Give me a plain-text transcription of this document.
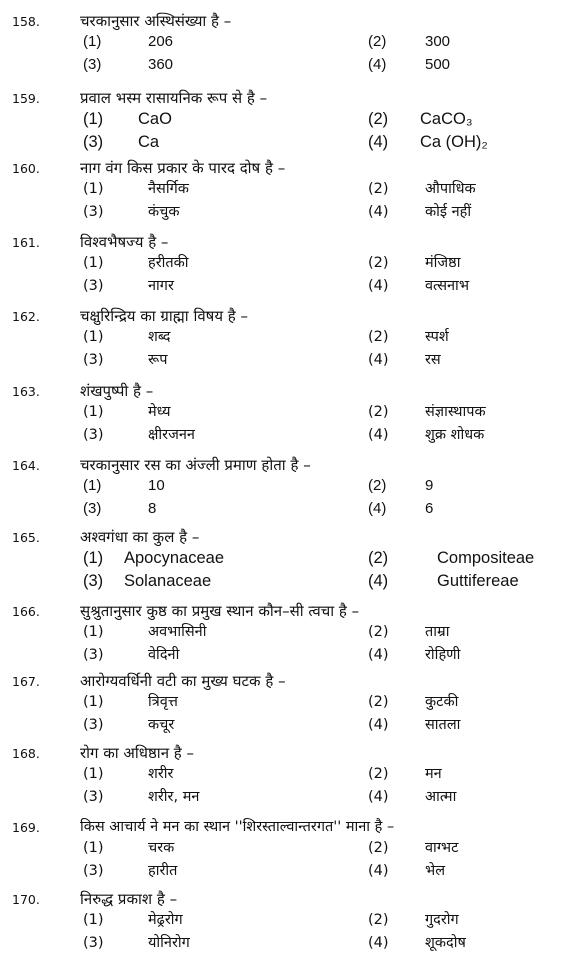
158.	चरकानुसार अस्थिसंख्या है –
(1)	206	(2)	300
(3)	360	(4)	500
159.	प्रवाल भस्म रासायनिक रूप से है –
(1) CaO	(2) CaCO₃
(3) Ca	(4) Ca (OH)₂
160.	नाग वंग किस प्रकार के पारद दोष है –
(1)	नैसर्गिक	(2)	औपाधिक
(3)	कंचुक	(4)	कोई नहीं
161.	विश्वभैषज्य है –
(1)	हरीतकी	(2)	मंजिष्ठा
(3)	नागर	(4)	वत्सनाभ
162.	चक्षुरिन्द्रिय का ग्राह्मा विषय है –
(1)	शब्द	(2)	स्पर्श
(3)	रूप	(4)	रस
163.	शंखपुष्पी है –
(1)	मेध्य	(2)	संज्ञास्थापक
(3)	क्षीरजनन	(4)	शुक्र शोधक
164.	चरकानुसार रस का अंज्ली प्रमाण होता है –
(1)	10	(2)	9
(3)	8	(4)	6
165.	अश्वगंधा का कुल है –
(1) Apocynaceae	(2)	Compositeae
(3) Solanaceae	(4)	Guttifereae
166.	सुश्रुतानुसार कुष्ठ का प्रमुख स्थान कौन–सी त्वचा है –
(1)	अवभासिनी	(2)	ताम्रा
(3)	वेदिनी	(4)	रोहिणी
167.	आरोग्यवर्धिनी वटी का मुख्य घटक है –
(1)	त्रिवृत्त	(2)	कुटकी
(3)	कचूर	(4)	सातला
168.	रोग का अधिष्ठान है –
(1)	शरीर	(2)	मन
(3)	शरीर, मन	(4)	आत्मा
169.	किस आचार्य ने मन का स्थान ''शिरस्ताल्वान्तरगत'' माना है –
(1)	चरक	(2)	वाग्भट
(3)	हारीत	(4)	भेल
170.	निरुद्ध प्रकाश है –
(1)	मेढ्ररोग	(2)	गुदरोग
(3)	योनिरोग	(4)	शूकदोष
